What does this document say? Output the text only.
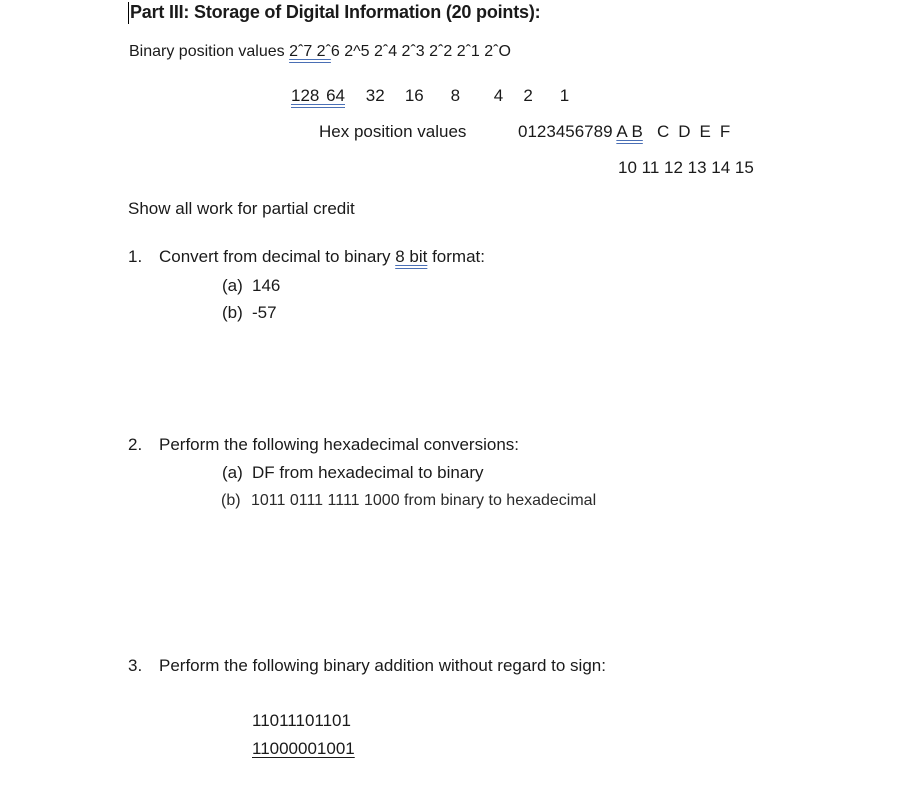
Part III: Storage of Digital Information (20 points):
Binary position values 2ˆ7 2ˆ6 2^5 2ˆ4 2ˆ3 2ˆ2 2ˆ1 2ˆO
128 64 32 16 8 4 2 1
Hex position values	0123456789 A B C D E F
10 11 12 13 14 15
Show all work for partial credit
1. Convert from decimal to binary 8 bit format:
(a) 146
(b) -57
2. Perform the following hexadecimal conversions:
(a) DF from hexadecimal to binary
(b) 1011 0111 1111 1000 from binary to hexadecimal
3. Perform the following binary addition without regard to sign:
11011101101
11000001001
